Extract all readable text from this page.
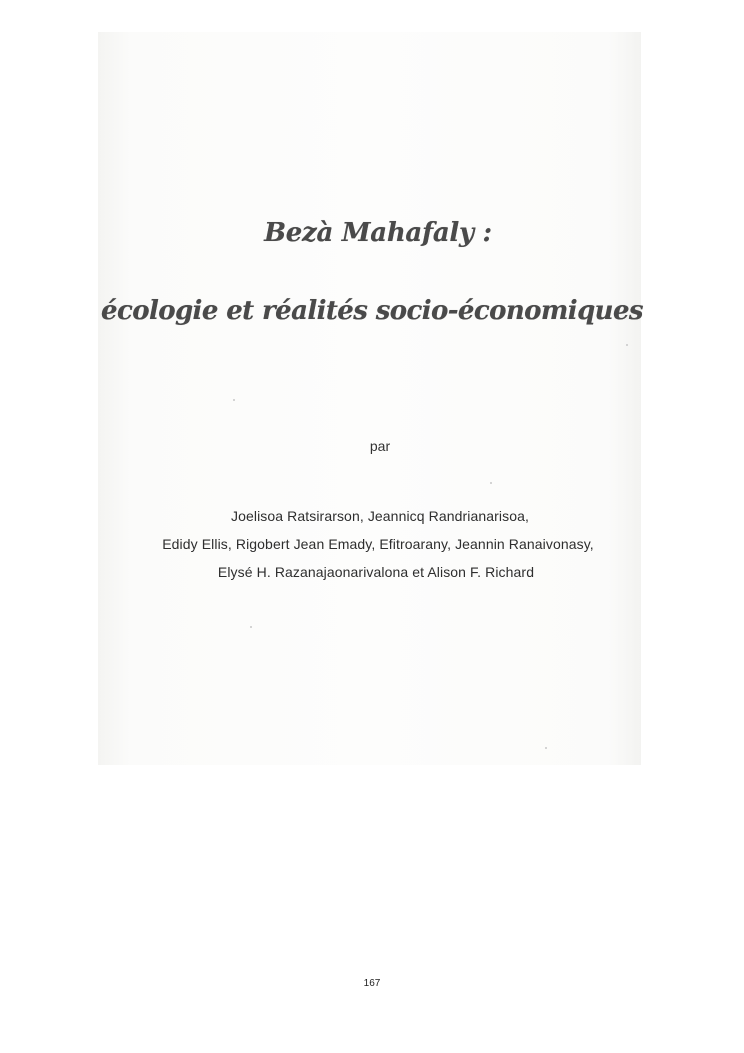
Bezà Mahafaly :
écologie et réalités socio-économiques
par
Joelisoa Ratsirarson, Jeannicq Randrianarisoa,
Edidy Ellis, Rigobert Jean Emady, Efitroarany, Jeannin Ranaivonasy,
Elysé H. Razanajaonarivalona et Alison F. Richard
167
